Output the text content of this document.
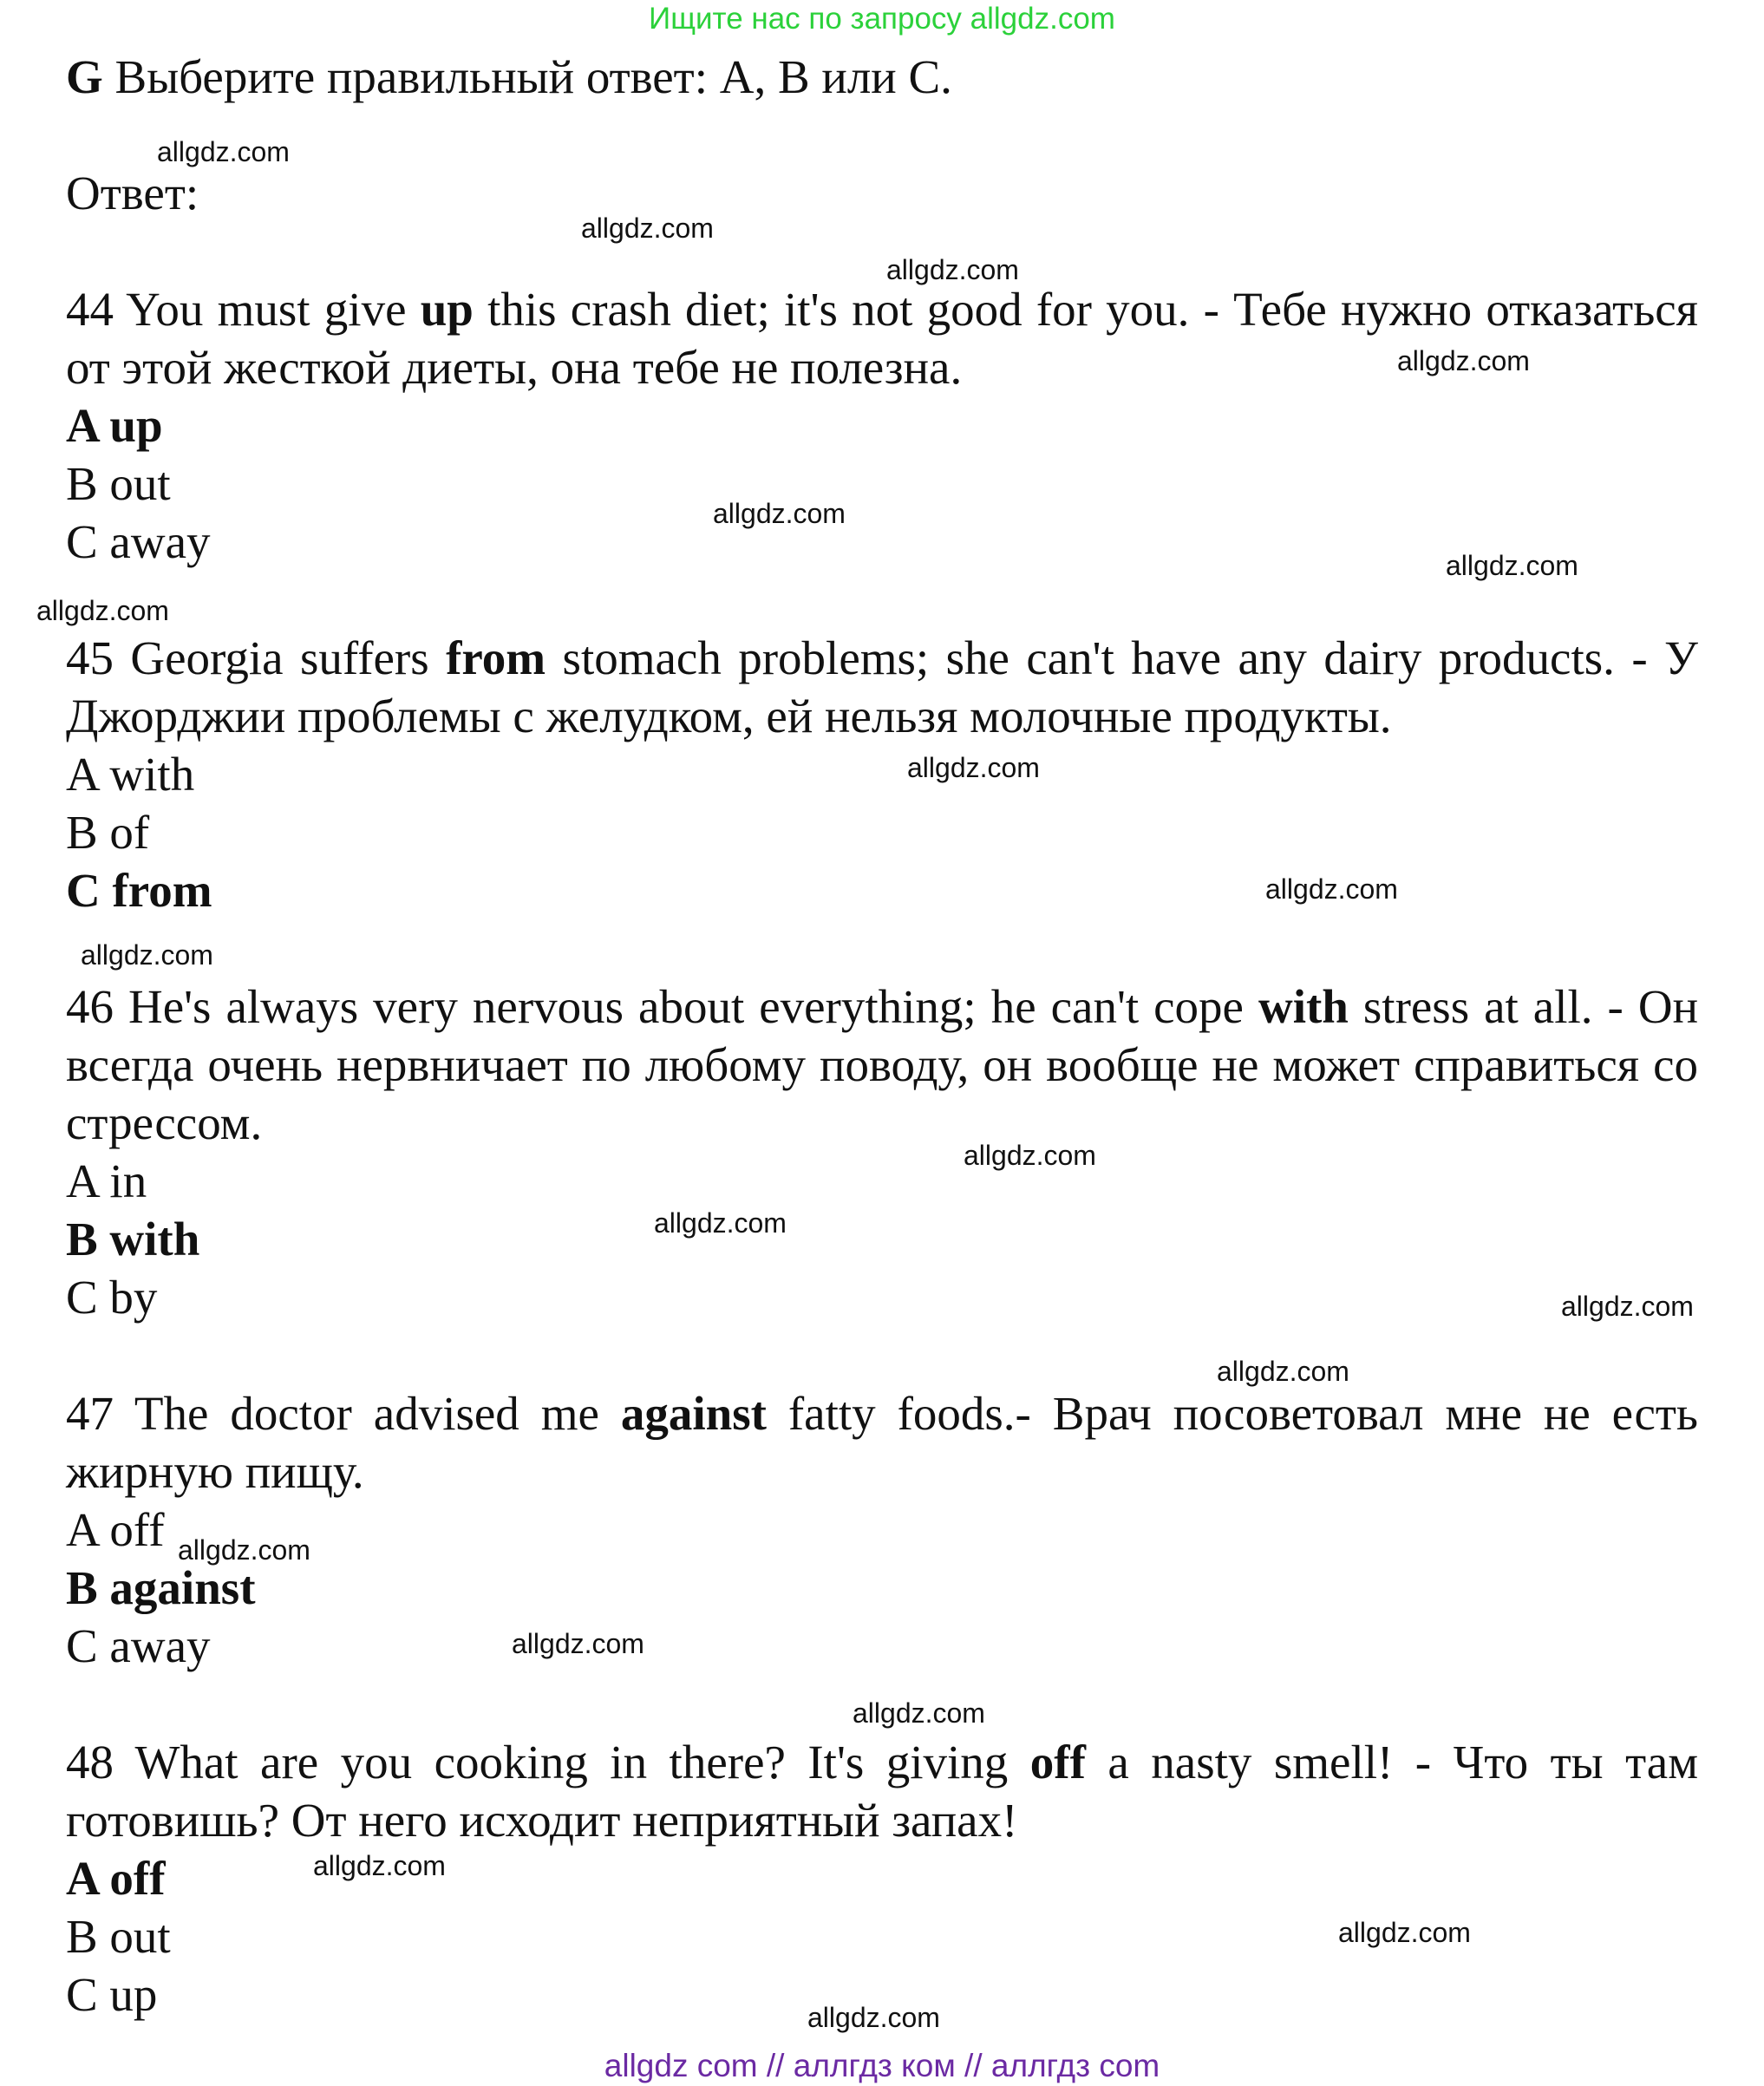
Ищите нас по запросу allgdz.com

G Выберите правильный ответ: А, В или С.

Ответ:

44 You must give up this crash diet; it's not good for you. - Тебе нужно отказаться от этой жесткой диеты, она тебе не полезна.

A up

B out

C away

45 Georgia suffers from stomach problems; she can't have any dairy products. - У Джорджии проблемы с желудком, ей нельзя молочные продукты.

A with

B of

C from

46 He's always very nervous about everything; he can't cope with stress at all. - Он всегда очень нервничает по любому поводу, он вообще не может справиться со стрессом.

A in

B with

C by

47 The doctor advised me against fatty foods.- Врач посоветовал мне не есть жирную пищу.

A off

B against

C away

48 What are you cooking in there? It's giving off a nasty smell! - Что ты там готовишь? От него исходит неприятный запах!

A off

B out

C up

allgdz.com
allgdz.com
allgdz.com
allgdz.com
allgdz.com
allgdz.com
allgdz.com
allgdz.com
allgdz.com
allgdz.com
allgdz.com
allgdz.com
allgdz.com
allgdz.com
allgdz.com
allgdz.com
allgdz.com
allgdz.com
allgdz.com
allgdz.com
allgdz com // аллгдз ком // аллгдз com
